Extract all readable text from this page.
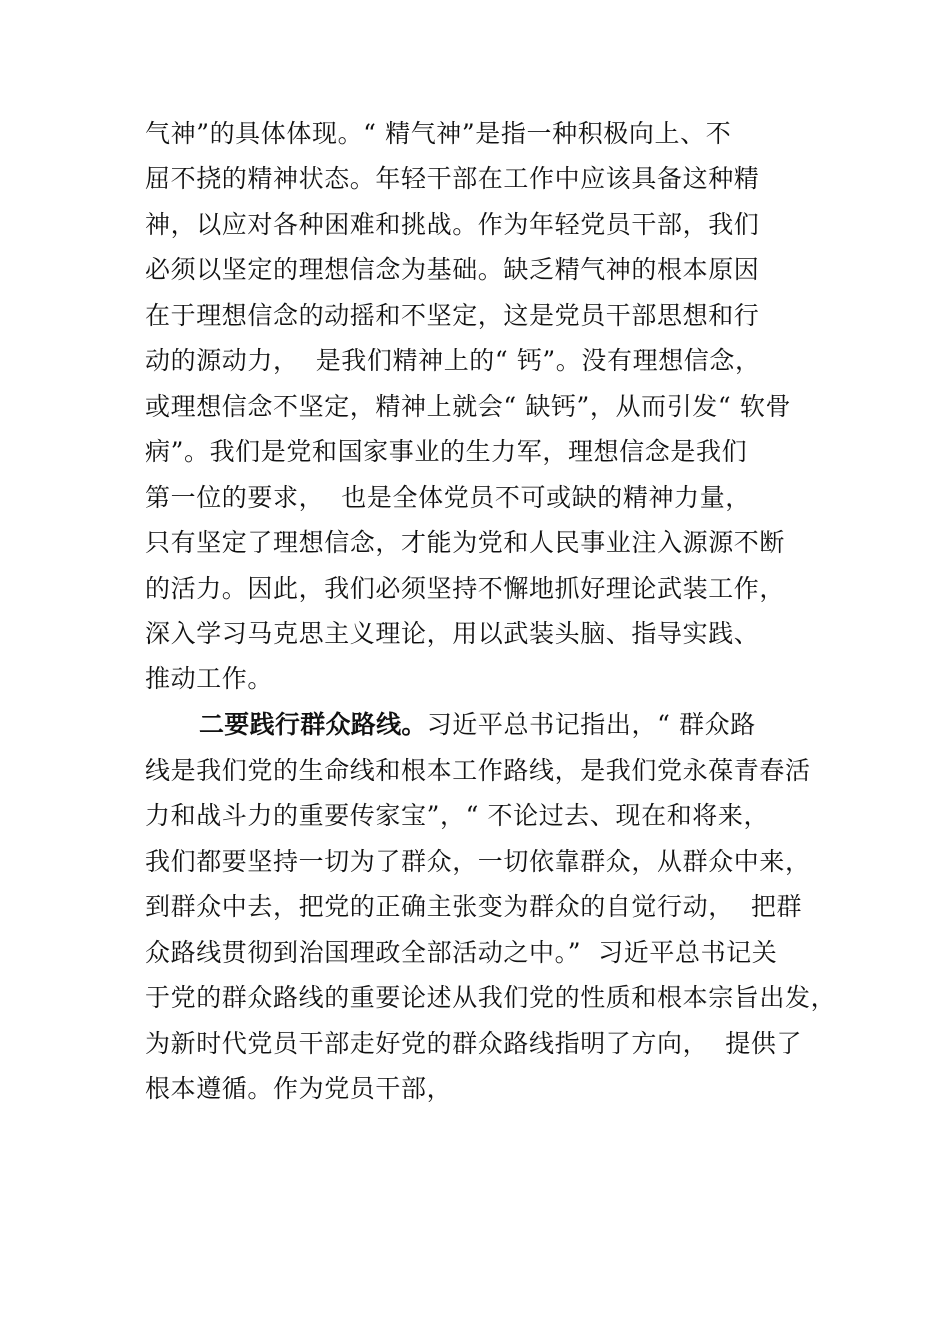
气神”的具体体现。“ 精气神”是指一种积极向上、不
屈不挠的精神状态。年轻干部在工作中应该具备这种精
神，以应对各种困难和挑战。作为年轻党员干部，我们
必须以坚定的理想信念为基础。缺乏精气神的根本原因
在于理想信念的动摇和不坚定，这是党员干部思想和行
动的源动力，  是我们精神上的“ 钙”。没有理想信念，
或理想信念不坚定，精神上就会“ 缺钙”，从而引发“ 软骨
病”。我们是党和国家事业的生力军，理想信念是我们
第一位的要求，  也是全体党员不可或缺的精神力量，
只有坚定了理想信念，才能为党和人民事业注入源源不断
的活力。因此，我们必须坚持不懈地抓好理论武装工作，
深入学习马克思主义理论，用以武装头脑、指导实践、
推动工作。
二要践行群众路线。习近平总书记指出，“ 群众路
线是我们党的生命线和根本工作路线，是我们党永葆青春活
力和战斗力的重要传家宝”，“ 不论过去、现在和将来，
我们都要坚持一切为了群众，一切依靠群众，从群众中来，
到群众中去，把党的正确主张变为群众的自觉行动，  把群
众路线贯彻到治国理政全部活动之中。”  习近平总书记关
于党的群众路线的重要论述从我们党的性质和根本宗旨出发，
为新时代党员干部走好党的群众路线指明了方向，  提供了
根本遵循。作为党员干部，
